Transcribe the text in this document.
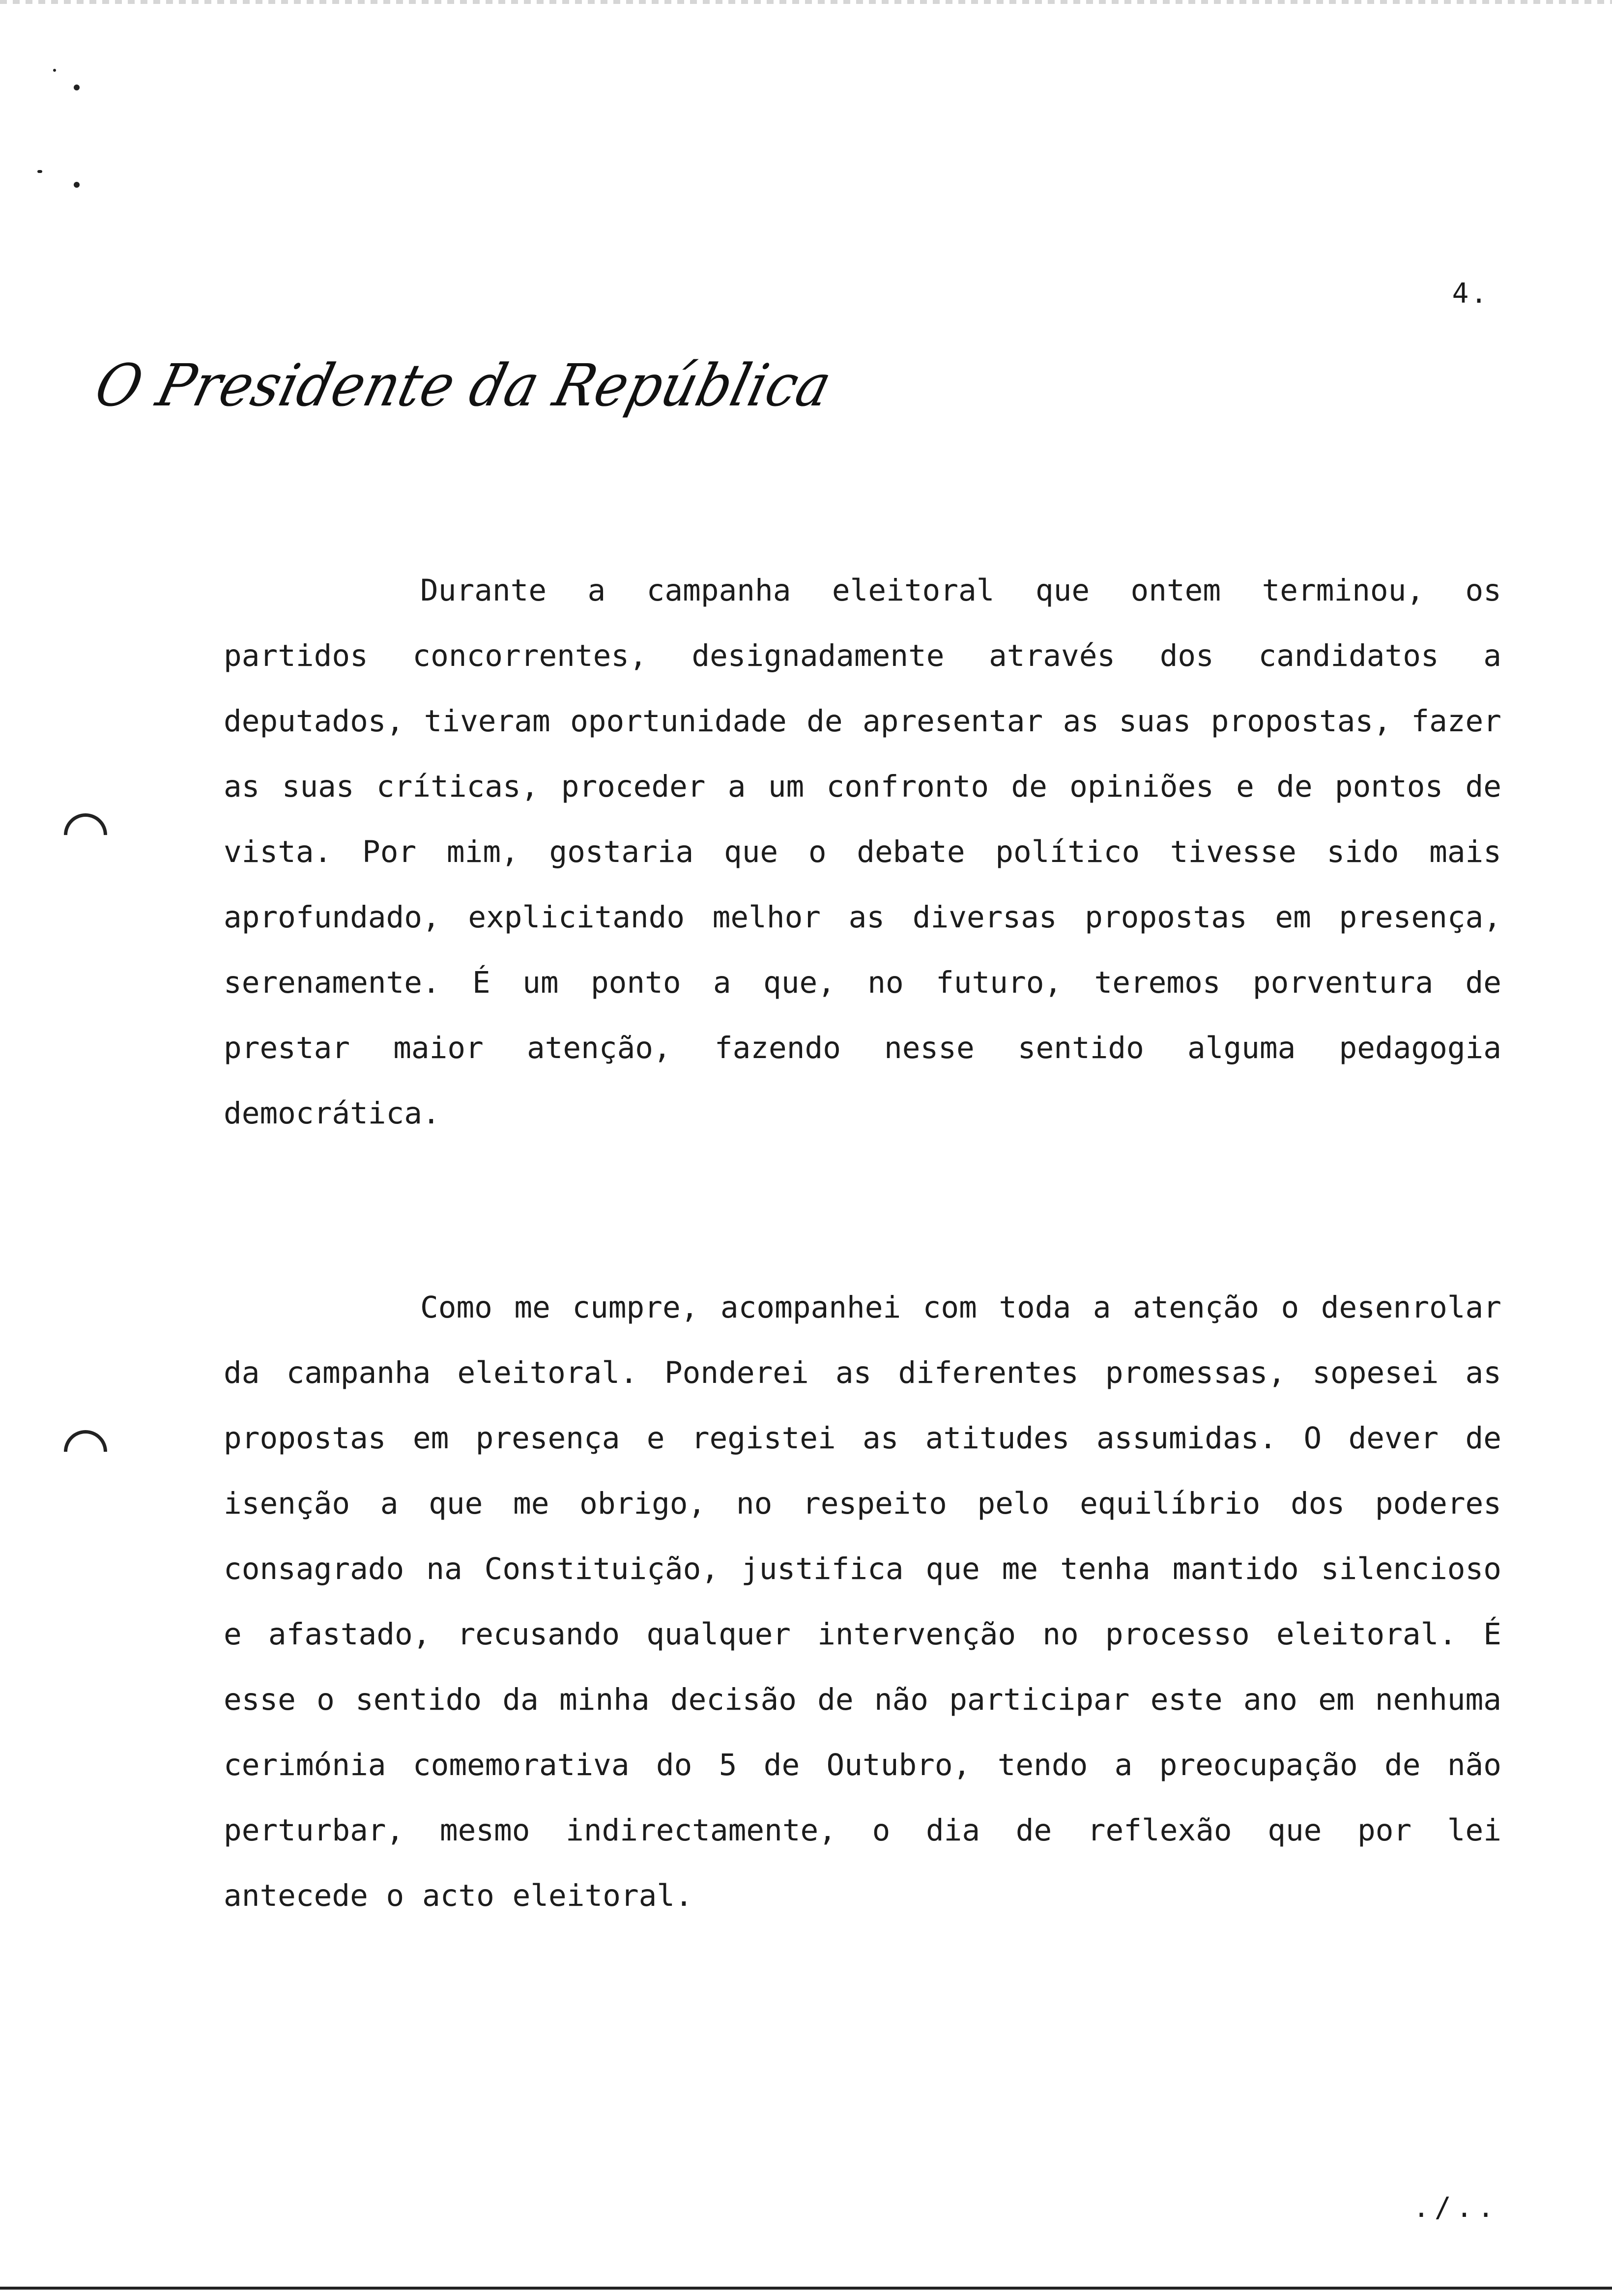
4.
O Presidente da República

Durante a campanha eleitoral que ontem terminou, os partidos concorrentes, designadamente através dos candidatos a deputados, tiveram oportunidade de apresentar as suas propostas, fazer as suas críticas, proceder a um confronto de opiniões e de pontos de vista. Por mim, gostaria que o debate político tivesse sido mais aprofundado, explicitando melhor as diversas propostas em presença, serenamente. É um ponto a que, no futuro, teremos porventura de prestar maior atenção, fazendo nesse sentido alguma pedagogia democrática.

Como me cumpre, acompanhei com toda a atenção o desenrolar da campanha eleitoral. Ponderei as diferentes promessas, sopesei as propostas em presença e registei as atitudes assumidas. O dever de isenção a que me obrigo, no respeito pelo equilíbrio dos poderes consagrado na Constituição, justifica que me tenha mantido silencioso e afastado, recusando qualquer intervenção no processo eleitoral. É esse o sentido da minha decisão de não participar este ano em nenhuma cerimónia comemorativa do 5 de Outubro, tendo a preocupação de não perturbar, mesmo indirectamente, o dia de reflexão que por lei antecede o acto eleitoral.

./..
